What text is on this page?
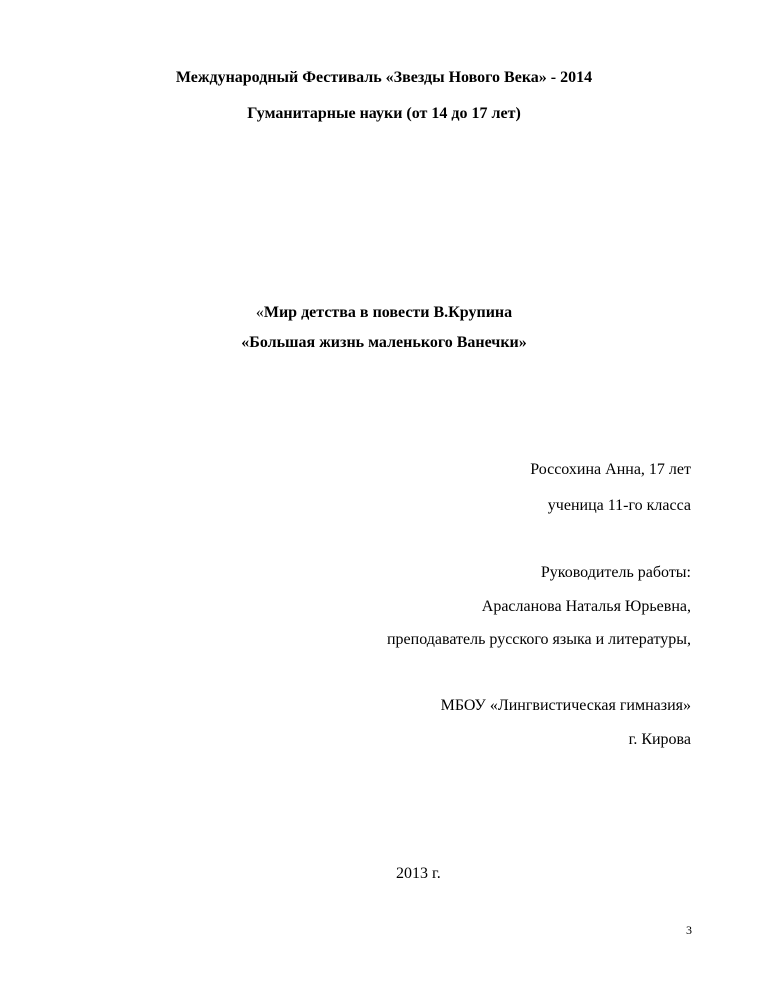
Международный Фестиваль «Звезды Нового Века» - 2014
Гуманитарные науки (от 14 до 17 лет)
«Мир детства в повести В.Крупина
«Большая жизнь маленького Ванечки»
Россохина Анна, 17 лет
ученица 11-го класса
Руководитель работы:
Арасланова Наталья Юрьевна,
преподаватель русского языка и литературы,
МБОУ «Лингвистическая гимназия»
г. Кирова
2013 г.
3
